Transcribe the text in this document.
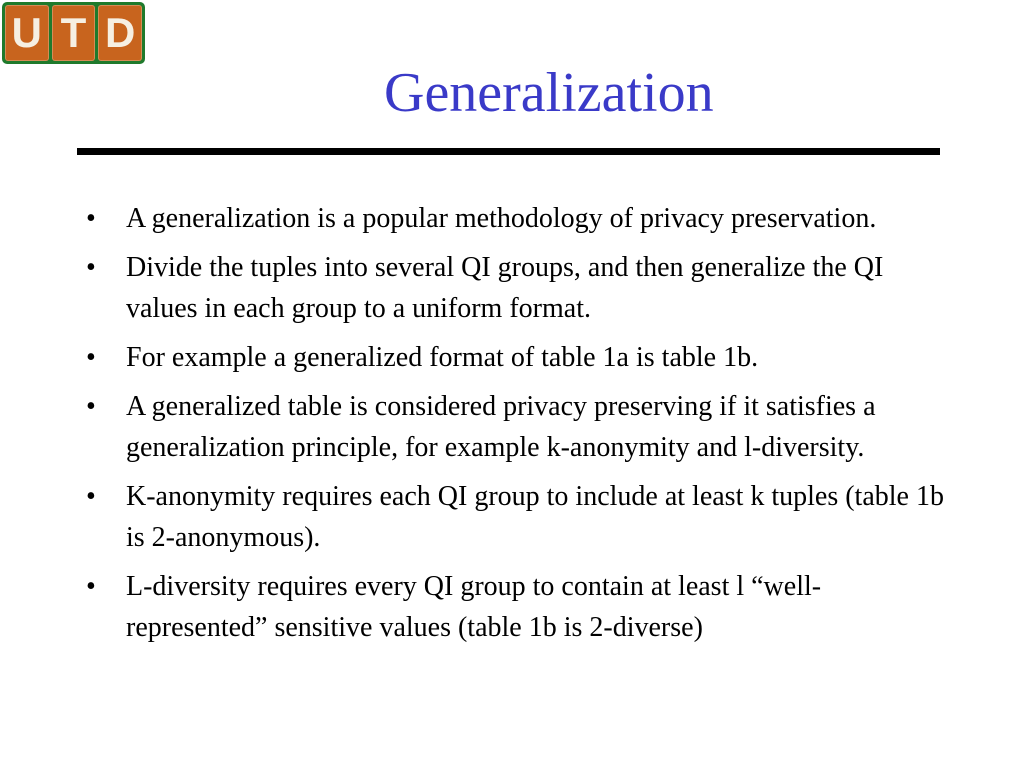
U T D
Generalization
• A generalization is a popular methodology of privacy preservation.
• Divide the tuples into several QI groups, and then generalize the QI values in each group to a uniform format.
• For example a generalized format of table 1a is table 1b.
• A generalized table is considered privacy preserving if it satisfies a generalization principle, for example k-anonymity and l-diversity.
• K-anonymity requires each QI group to include at least k tuples (table 1b is 2-anonymous).
• L-diversity requires every QI group to contain at least l “well-represented” sensitive values (table 1b is 2-diverse)
